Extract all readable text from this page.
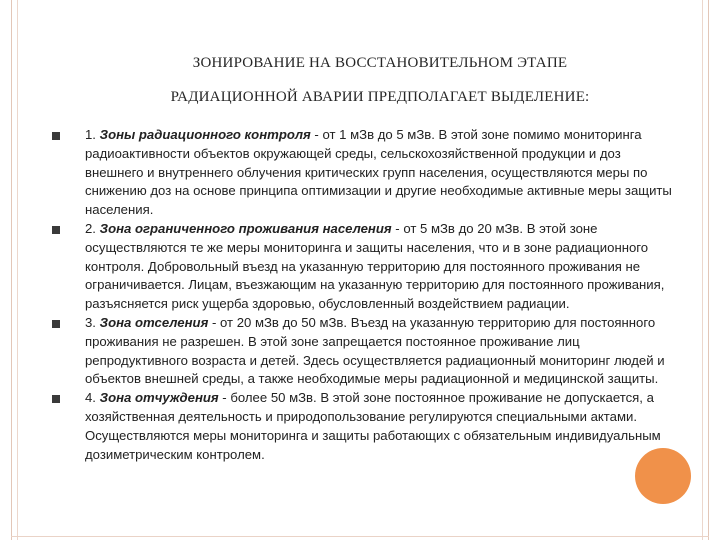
ЗОНИРОВАНИЕ НА ВОССТАНОВИТЕЛЬНОМ ЭТАПЕ
РАДИАЦИОННОЙ АВАРИИ ПРЕДПОЛАГАЕТ ВЫДЕЛЕНИЕ:
1. Зоны радиационного контроля - от 1 мЗв до 5 мЗв. В этой зоне помимо мониторинга радиоактивности объектов окружающей среды, сельскохозяйственной продукции и доз внешнего и внутреннего облучения критических групп населения, осуществляются меры по снижению доз на основе принципа оптимизации и другие необходимые активные меры защиты населения.
2. Зона ограниченного проживания населения - от 5 мЗв до 20 мЗв. В этой зоне осуществляются те же меры мониторинга и защиты населения, что и в зоне радиационного контроля. Добровольный въезд на указанную территорию для постоянного проживания не ограничивается. Лицам, въезжающим на указанную территорию для постоянного проживания, разъясняется риск ущерба здоровью, обусловленный воздействием радиации.
3. Зона отселения - от 20 мЗв до 50 мЗв. Въезд на указанную территорию для постоянного проживания не разрешен. В этой зоне запрещается постоянное проживание лиц репродуктивного возраста и детей. Здесь осуществляется радиационный мониторинг людей и объектов внешней среды, а также необходимые меры радиационной и медицинской защиты.
4. Зона отчуждения - более 50 мЗв. В этой зоне постоянное проживание не допускается, а хозяйственная деятельность и природопользование регулируются специальными актами. Осуществляются меры мониторинга и защиты работающих с обязательным индивидуальным дозиметрическим контролем.
